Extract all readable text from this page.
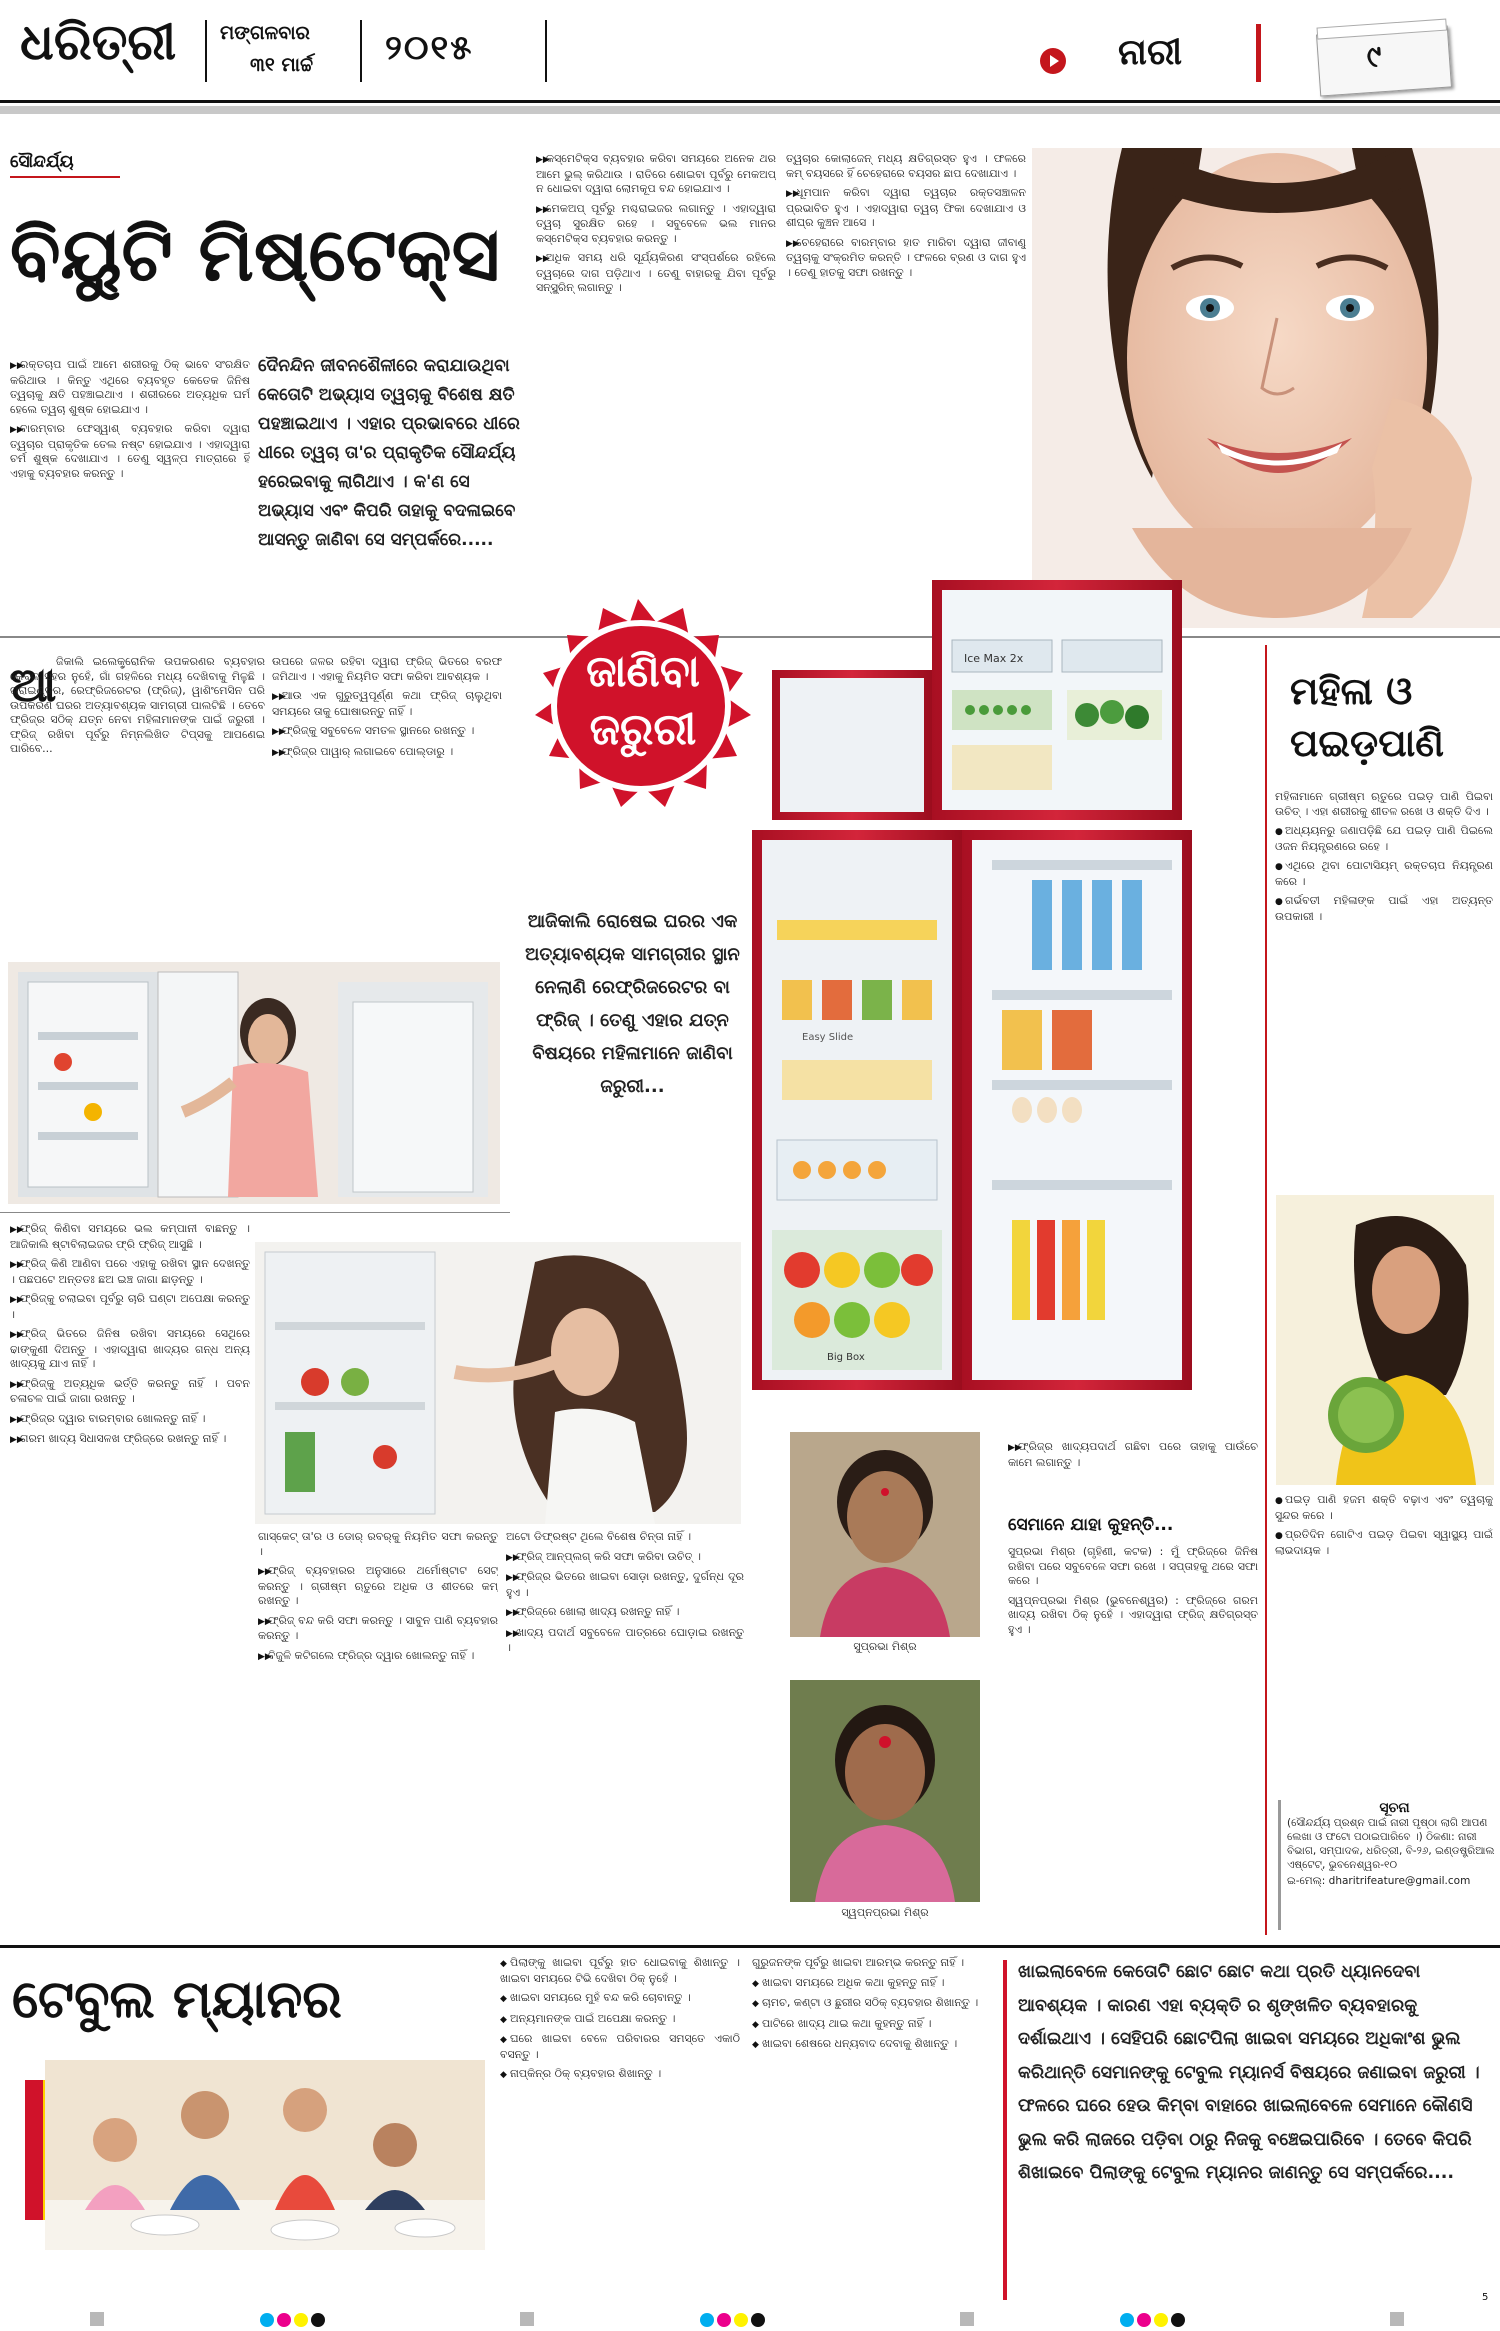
ଧରିତ୍ରୀ ମଙ୍ଗଳବାର
୩୧ ମାର୍ଚ୍ଚ ୨୦୧୫	ନାରୀ	୯
ସୌନ୍ଦର୍ଯ୍ୟ
ବିୟୁଟି ମିଷ୍ଟେକ୍ସ

▶▶ରକ୍ତଚାପ ପାଇଁ ଆମେ ଶରୀରକୁ ଠିକ୍ ଭାବେ ସଂରକ୍ଷିତ କରିଥାଉ । କିନ୍ତୁ ଏଥିରେ ବ୍ୟବହୃତ କେତେକ ଜିନିଷ ତ୍ୱଚାକୁ କ୍ଷତି ପହଞ୍ଚାଇଥାଏ । ଶରୀରରେ ଅତ୍ୟଧିକ ଘର୍ମ ହେଲେ ତ୍ୱଚା ଶୁଷ୍କ ହୋଇଯାଏ ।

▶▶ବାରମ୍ବାର ଫେସ୍‌ୱାଶ୍ ବ୍ୟବହାର କରିବା ଦ୍ୱାରା ତ୍ୱଚାର ପ୍ରାକୃତିକ ତେଲ ନଷ୍ଟ ହୋଇଯାଏ । ଏହାଦ୍ୱାରା ଚର୍ମ ଶୁଷ୍କ ଦେଖାଯାଏ । ତେଣୁ ସ୍ୱଳ୍ପ ମାତ୍ରାରେ ହିଁ ଏହାକୁ ବ୍ୟବହାର କରନ୍ତୁ ।

ଦୈନନ୍ଦିନ ଜୀବନଶୈଳୀରେ କରାଯାଉଥିବା କେତୋଟି ଅଭ୍ୟାସ ତ୍ୱଚାକୁ ବିଶେଷ କ୍ଷତି ପହଞ୍ଚାଇଥାଏ । ଏହାର ପ୍ରଭାବରେ ଧୀରେ ଧୀରେ ତ୍ୱଚା ତା'ର ପ୍ରାକୃତିକ ସୌନ୍ଦର୍ଯ୍ୟ ହରେଇବାକୁ ଲାଗିଥାଏ । କ'ଣ ସେ ଅଭ୍ୟାସ ଏବଂ କିପରି ତାହାକୁ ବଦଳାଇବେ ଆସନ୍ତୁ ଜାଣିବା ସେ ସମ୍ପର୍କରେ.....

▶▶କସ୍‌ମେଟିକ୍ସ ବ୍ୟବହାର କରିବା ସମୟରେ ଅନେକ ଥର ଆମେ ଭୁଲ୍ କରିଥାଉ । ରାତିରେ ଶୋଇବା ପୂର୍ବରୁ ମେକଅପ୍ ନ ଧୋଇବା ଦ୍ୱାରା ଲୋମକୂପ ବନ୍ଦ ହୋଇଯାଏ ।

▶▶ମେକଅପ୍ ପୂର୍ବରୁ ମଶ୍ଚରାଇଜର ଲଗାନ୍ତୁ । ଏହାଦ୍ୱାରା ତ୍ୱଚା ସୁରକ୍ଷିତ ରହେ । ସବୁବେଳେ ଭଲ ମାନର କସ୍‌ମେଟିକ୍ସ ବ୍ୟବହାର କରନ୍ତୁ ।

▶▶ଅଧିକ ସମୟ ଧରି ସୂର୍ଯ୍ୟକିରଣ ସଂସ୍ପର୍ଶରେ ରହିଲେ ତ୍ୱଚାରେ ଦାଗ ପଡ଼ିଥାଏ । ତେଣୁ ବାହାରକୁ ଯିବା ପୂର୍ବରୁ ସନ୍‌ସ୍କ୍ରିନ୍ ଲଗାନ୍ତୁ ।

ତ୍ୱଚାର କୋଲାଜେନ୍ ମଧ୍ୟ କ୍ଷତିଗ୍ରସ୍ତ ହୁଏ । ଫଳରେ କମ୍ ବୟସରେ ହିଁ ଚେହେରାରେ ବୟସର ଛାପ ଦେଖାଯାଏ ।

▶▶ଧୂମପାନ କରିବା ଦ୍ୱାରା ତ୍ୱଚାର ରକ୍ତସଞ୍ଚାଳନ ପ୍ରଭାବିତ ହୁଏ । ଏହାଦ୍ୱାରା ତ୍ୱଚା ଫିକା ଦେଖାଯାଏ ଓ ଶୀଘ୍ର କୁଞ୍ଚନ ଆସେ ।

▶▶ଚେହେରାରେ ବାରମ୍ବାର ହାତ ମାରିବା ଦ୍ୱାରା ଜୀବାଣୁ ତ୍ୱଚାକୁ ସଂକ୍ରମିତ କରନ୍ତି । ଫଳରେ ବ୍ରଣ ଓ ଦାଗ ହୁଏ । ତେଣୁ ହାତକୁ ସଫା ରଖନ୍ତୁ ।

ଜାଣିବା
ଜରୁରୀ
Ice Max 2x
Easy Slide
Big Box
ଆଜିକାଲି ରୋଷେଇ ଘରର ଏକ ଅତ୍ୟାବଶ୍ୟକ ସାମଗ୍ରୀର ସ୍ଥାନ ନେଲାଣି ରେଫ୍ରିଜରେଟର ବା ଫ୍ରିଜ୍ । ତେଣୁ ଏହାର ଯତ୍ନ ବିଷୟରେ ମହିଳାମାନେ ଜାଣିବା ଜରୁରୀ...
ଆ ଜିକାଲି ଇଲେକ୍ଟ୍ରୋନିକ ଉପକରଣର ବ୍ୟବହାର କେବଳ ସହର ନୁହେଁ, ଗାଁ ଗହଳିରେ ମଧ୍ୟ ଦେଖିବାକୁ ମିଳୁଛି । ଗ୍ରାଇଣ୍ଡର, ରେଫ୍ରିଜରେଟର (ଫ୍ରିଜ୍), ୱାଶିଂମେସିନ ପରି ଉପକରଣ ଘରର ଅତ୍ୟାବଶ୍ୟକ ସାମଗ୍ରୀ ପାଲଟିଛି । ତେବେ ଫ୍ରିଜ୍‌ର ସଠିକ୍ ଯତ୍ନ ନେବା ମହିଳାମାନଙ୍କ ପାଇଁ ଜରୁରୀ । ଫ୍ରିଜ୍ ରଖିବା ପୂର୍ବରୁ ନିମ୍ନଲିଖିତ ଟିପ୍ସକୁ ଆପଣେଇ ପାରିବେ...

ଉପରେ ଜଳର ରହିବା ଦ୍ୱାରା ଫ୍ରିଜ୍ ଭିତରେ ବରଫ ଜମିଥାଏ । ଏହାକୁ ନିୟମିତ ସଫା କରିବା ଆବଶ୍ୟକ ।

▶▶ଆଉ ଏକ ଗୁରୁତ୍ୱପୂର୍ଣ୍ଣ କଥା ଫ୍ରିଜ୍ ଚାଲୁଥିବା ସମୟରେ ତାକୁ ଘୋଷାରନ୍ତୁ ନାହିଁ ।

▶▶ଫ୍ରିଜ୍‌କୁ ସବୁବେଳେ ସମତଳ ସ୍ଥାନରେ ରଖନ୍ତୁ ।

▶▶ଫ୍ରିଜ୍‌ର ପାୱାର୍ ଲଗାଇବେ ପୋଲ୍ଡାରୁ ।

▶▶ଫ୍ରିଜ୍ କିଣିବା ସମୟରେ ଭଲ କମ୍ପାନୀ ବାଛନ୍ତୁ । ଆଜିକାଲି ଷ୍ଟାବିଲାଇଜର ଫ୍ରି ଫ୍ରିଜ୍ ଆସୁଛି ।

▶▶ଫ୍ରିଜ୍ କିଣି ଆଣିବା ପରେ ଏହାକୁ ରଖିବା ସ୍ଥାନ ଦେଖନ୍ତୁ । ପଛପଟେ ଅନ୍ତତଃ ଛଅ ଇଞ୍ଚ ଜାଗା ଛାଡ଼ନ୍ତୁ ।

▶▶ଫ୍ରିଜ୍‌କୁ ଚଲାଇବା ପୂର୍ବରୁ ଚାରି ଘଣ୍ଟା ଅପେକ୍ଷା କରନ୍ତୁ ।

▶▶ଫ୍ରିଜ୍ ଭିତରେ ଜିନିଷ ରଖିବା ସମୟରେ ସେଥିରେ ଢାଙ୍କୁଣୀ ଦିଅନ୍ତୁ । ଏହାଦ୍ୱାରା ଖାଦ୍ୟର ଗନ୍ଧ ଅନ୍ୟ ଖାଦ୍ୟକୁ ଯାଏ ନାହିଁ ।

▶▶ଫ୍ରିଜ୍‌କୁ ଅତ୍ୟଧିକ ଭର୍ତ୍ତି କରନ୍ତୁ ନାହିଁ । ପବନ ଚଳାଚଳ ପାଇଁ ଜାଗା ରଖନ୍ତୁ ।

▶▶ଫ୍ରିଜ୍‌ର ଦ୍ୱାର ବାରମ୍ବାର ଖୋଲନ୍ତୁ ନାହିଁ ।

▶▶ଗରମ ଖାଦ୍ୟ ସିଧାସଳଖ ଫ୍ରିଜ୍‌ରେ ରଖନ୍ତୁ ନାହିଁ ।

ଗାସ୍କେଟ୍ ତା'ର ଓ ଡୋର୍ ରବର୍‌କୁ ନିୟମିତ ସଫା କରନ୍ତୁ ।

▶▶ଫ୍ରିଜ୍ ବ୍ୟବହାରର ଅନୁସାରେ ଥର୍ମୋଷ୍ଟାଟ ସେଟ୍ କରନ୍ତୁ । ଗ୍ରୀଷ୍ମ ଋତୁରେ ଅଧିକ ଓ ଶୀତରେ କମ୍ ରଖନ୍ତୁ ।

▶▶ଫ୍ରିଜ୍ ବନ୍ଦ କରି ସଫା କରନ୍ତୁ । ସାବୁନ ପାଣି ବ୍ୟବହାର କରନ୍ତୁ ।

▶▶ବିଜୁଳି କଟିଗଲେ ଫ୍ରିଜ୍‌ର ଦ୍ୱାର ଖୋଲନ୍ତୁ ନାହିଁ ।

ଅଟୋ ଡିଫ୍ରଷ୍ଟ ଥିଲେ ବିଶେଷ ଚିନ୍ତା ନାହିଁ ।

▶▶ଫ୍ରିଜ୍ ଆନ୍‌ପ୍ଲଗ୍ କରି ସଫା କରିବା ଉଚିତ୍ ।

▶▶ଫ୍ରିଜ୍‌ର ଭିତରେ ଖାଇବା ସୋଡ଼ା ରଖନ୍ତୁ, ଦୁର୍ଗନ୍ଧ ଦୂର ହୁଏ ।

▶▶ଫ୍ରିଜ୍‌ରେ ଖୋଲା ଖାଦ୍ୟ ରଖନ୍ତୁ ନାହିଁ ।

▶▶ଖାଦ୍ୟ ପଦାର୍ଥ ସବୁବେଳେ ପାତ୍ରରେ ଘୋଡ଼ାଇ ରଖନ୍ତୁ ।	ସୁପ୍ରଭା ମିଶ୍ର
ସ୍ୱପ୍ନପ୍ରଭା ମିଶ୍ର
▶▶ଫ୍ରିଜ୍‌ର ଖାଦ୍ୟପଦାର୍ଥ ଗଛିବା ପରେ ତାହାକୁ ପାଉଁଚେ କାମେ ଲଗାନ୍ତୁ ।
ସେମାନେ ଯାହା କୁହନ୍ତି...

ସୁପ୍ରଭା ମିଶ୍ର (ଗୃହିଣୀ, କଟକ) : ମୁଁ ଫ୍ରିଜ୍‌ରେ ଜିନିଷ ରଖିବା ପରେ ସବୁବେଳେ ସଫା ରଖେ । ସପ୍ତାହକୁ ଥରେ ସଫା କରେ ।

ସ୍ୱପ୍ନପ୍ରଭା ମିଶ୍ର (ଭୁବନେଶ୍ୱର) : ଫ୍ରିଜ୍‌ରେ ଗରମ ଖାଦ୍ୟ ରଖିବା ଠିକ୍ ନୁହେଁ । ଏହାଦ୍ୱାରା ଫ୍ରିଜ୍ କ୍ଷତିଗ୍ରସ୍ତ ହୁଏ ।

ମହିଳା ଓ
ପଇଡ଼ପାଣି

ମହିଳାମାନେ ଗ୍ରୀଷ୍ମ ଋତୁରେ ପଇଡ଼ ପାଣି ପିଇବା ଉଚିତ୍ । ଏହା ଶରୀରକୁ ଶୀତଳ ରଖେ ଓ ଶକ୍ତି ଦିଏ ।

● ଅଧ୍ୟୟନରୁ ଜଣାପଡ଼ିଛି ଯେ ପଇଡ଼ ପାଣି ପିଇଲେ ଓଜନ ନିୟନ୍ତ୍ରଣରେ ରହେ ।

● ଏଥିରେ ଥିବା ପୋଟାସିୟମ୍ ରକ୍ତଚାପ ନିୟନ୍ତ୍ରଣ କରେ ।

● ଗର୍ଭବତୀ ମହିଳାଙ୍କ ପାଇଁ ଏହା ଅତ୍ୟନ୍ତ ଉପକାରୀ ।

● ପଇଡ଼ ପାଣି ହଜମ ଶକ୍ତି ବଢ଼ାଏ ଏବଂ ତ୍ୱଚାକୁ ସୁନ୍ଦର କରେ ।

● ପ୍ରତିଦିନ ଗୋଟିଏ ପଇଡ଼ ପିଇବା ସ୍ୱାସ୍ଥ୍ୟ ପାଇଁ ଲାଭଦାୟକ ।

ସୂଚନା
(ସୌନ୍ଦର୍ଯ୍ୟ ପ୍ରଶ୍ନ ପାଇଁ ନାରୀ ପୃଷ୍ଠା ଲାଗି ଆପଣ ଲେଖା ଓ ଫଟୋ ପଠାଇପାରିବେ ।) ଠିକଣା: ନାରୀ ବିଭାଗ, ସମ୍ପାଦକ, ଧରିତ୍ରୀ, ବି-୨୬, ଇଣ୍ଡଷ୍ଟ୍ରିଆଲ ଏଷ୍ଟେଟ୍, ଭୁବନେଶ୍ୱର-୧୦
ଇ-ମେଲ୍: dharitrifeature@gmail.com
ଟେବୁଲ ମ୍ୟାନର

◆ ପିଲାଙ୍କୁ ଖାଇବା ପୂର୍ବରୁ ହାତ ଧୋଇବାକୁ ଶିଖାନ୍ତୁ । ଖାଇବା ସମୟରେ ଟିଭି ଦେଖିବା ଠିକ୍ ନୁହେଁ ।

◆ ଖାଇବା ସମୟରେ ମୁହଁ ବନ୍ଦ କରି ଚୋବାନ୍ତୁ ।

◆ ଅନ୍ୟମାନଙ୍କ ପାଇଁ ଅପେକ୍ଷା କରନ୍ତୁ ।

◆ ଘରେ ଖାଇବା ବେଳେ ପରିବାରର ସମସ୍ତେ ଏକାଠି ବସନ୍ତୁ ।

◆ ନାପ୍‌କିନ୍‌ର ଠିକ୍ ବ୍ୟବହାର ଶିଖାନ୍ତୁ ।

ଗୁରୁଜନଙ୍କ ପୂର୍ବରୁ ଖାଇବା ଆରମ୍ଭ କରନ୍ତୁ ନାହିଁ ।

◆ ଖାଇବା ସମୟରେ ଅଧିକ କଥା କୁହନ୍ତୁ ନାହିଁ ।

◆ ଚାମଚ, କଣ୍ଟା ଓ ଛୁରୀର ସଠିକ୍ ବ୍ୟବହାର ଶିଖାନ୍ତୁ ।

◆ ପାଟିରେ ଖାଦ୍ୟ ଥାଇ କଥା କୁହନ୍ତୁ ନାହିଁ ।

◆ ଖାଇବା ଶେଷରେ ଧନ୍ୟବାଦ ଦେବାକୁ ଶିଖାନ୍ତୁ ।

ଖାଇଲାବେଳେ କେତୋଟି ଛୋଟ ଛୋଟ କଥା ପ୍ରତି ଧ୍ୟାନଦେବା ଆବଶ୍ୟକ । କାରଣ ଏହା ବ୍ୟକ୍ତି ର ଶୃଙ୍ଖଳିତ ବ୍ୟବହାରକୁ ଦର୍ଶାଇଥାଏ । ସେହିପରି ଛୋଟପିଲା ଖାଇବା ସମୟରେ ଅଧିକାଂଶ ଭୁଲ କରିଥାନ୍ତି ସେମାନଙ୍କୁ ଟେବୁଲ ମ୍ୟାନର୍ସ ବିଷୟରେ ଜଣାଇବା ଜରୁରୀ । ଫଳରେ ଘରେ ହେଉ କିମ୍ବା ବାହାରେ ଖାଇଲାବେଳେ ସେମାନେ କୌଣସି ଭୁଲ କରି ଲାଜରେ ପଡ଼ିବା ଠାରୁ ନିଜକୁ ବଞ୍ଚେଇପାରିବେ । ତେବେ କିପରି ଶିଖାଇବେ ପିଲାଙ୍କୁ ଟେବୁଲ ମ୍ୟାନର ଜାଣନ୍ତୁ ସେ ସମ୍ପର୍କରେ....
5
